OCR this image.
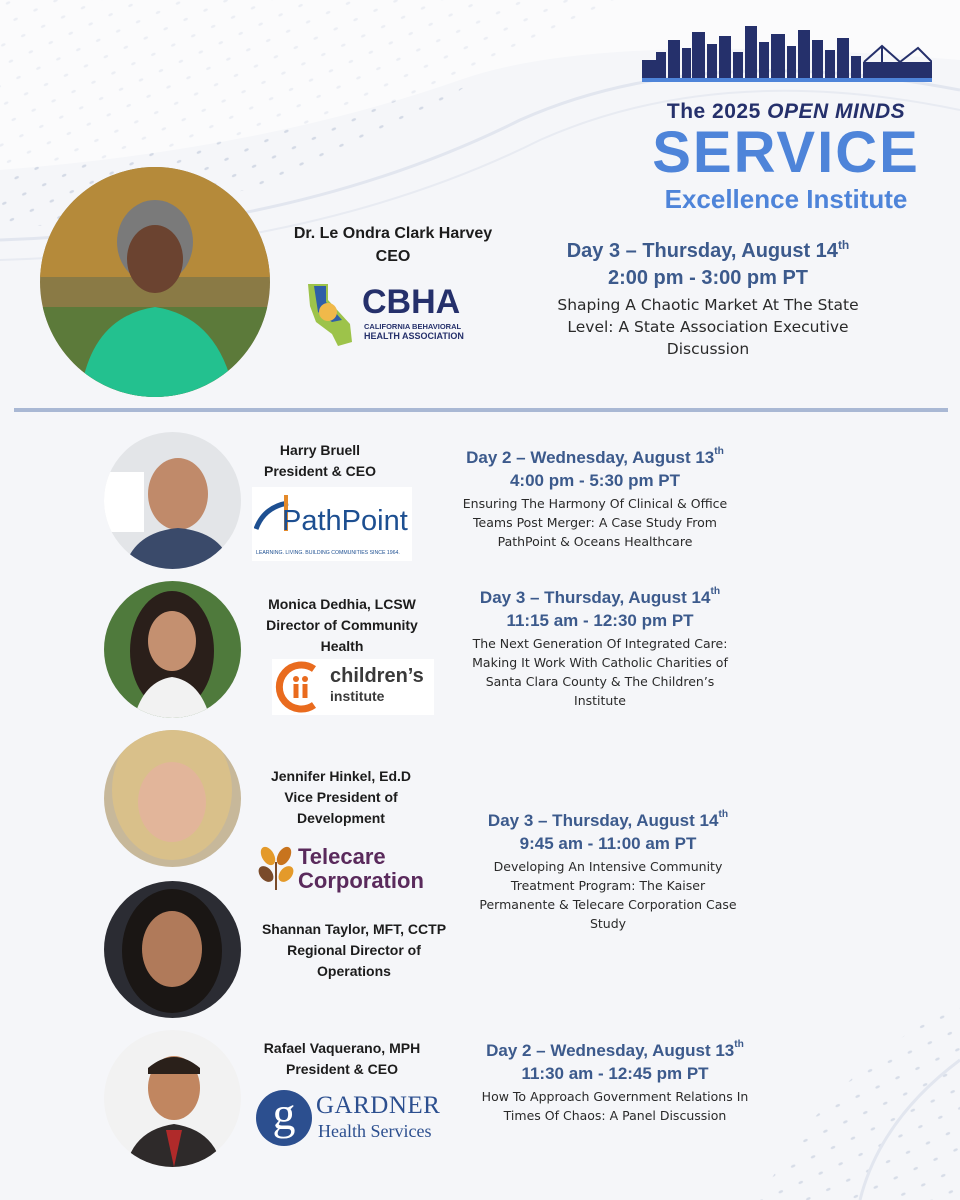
The 2025 OPEN MINDS
SERVICE
Excellence Institute
Dr. Le Ondra Clark Harvey
CEO
CBHA
CALIFORNIA BEHAVIORAL
HEALTH ASSOCIATION
Day 3 – Thursday, August 14th
2:00 pm - 3:00 pm PT
Shaping A Chaotic Market At The State
Level: A State Association Executive
Discussion
Harry Bruell
President & CEO
PathPoint
LEARNING. LIVING. BUILDING COMMUNITIES SINCE 1964.
Day 2 – Wednesday, August 13th
4:00 pm - 5:30 pm PT
Ensuring The Harmony Of Clinical & Office
Teams Post Merger: A Case Study From
PathPoint & Oceans Healthcare
Monica Dedhia, LCSW
Director of Community
Health
children’s
institute
Day 3 – Thursday, August 14th
11:15 am - 12:30 pm PT
The Next Generation Of Integrated Care:
Making It Work With Catholic Charities of
Santa Clara County & The Children’s
Institute
Jennifer Hinkel, Ed.D
Vice President of
Development
Telecare
Corporation
Day 3 – Thursday, August 14th
9:45 am - 11:00 am PT
Developing An Intensive Community
Treatment Program: The Kaiser
Permanente & Telecare Corporation Case
Study
Shannan Taylor, MFT, CCTP
Regional Director of
Operations
Rafael Vaquerano, MPH
President & CEO
g GARDNER
Health Services
Day 2 – Wednesday, August 13th
11:30 am - 12:45 pm PT
How To Approach Government Relations In
Times Of Chaos: A Panel Discussion
